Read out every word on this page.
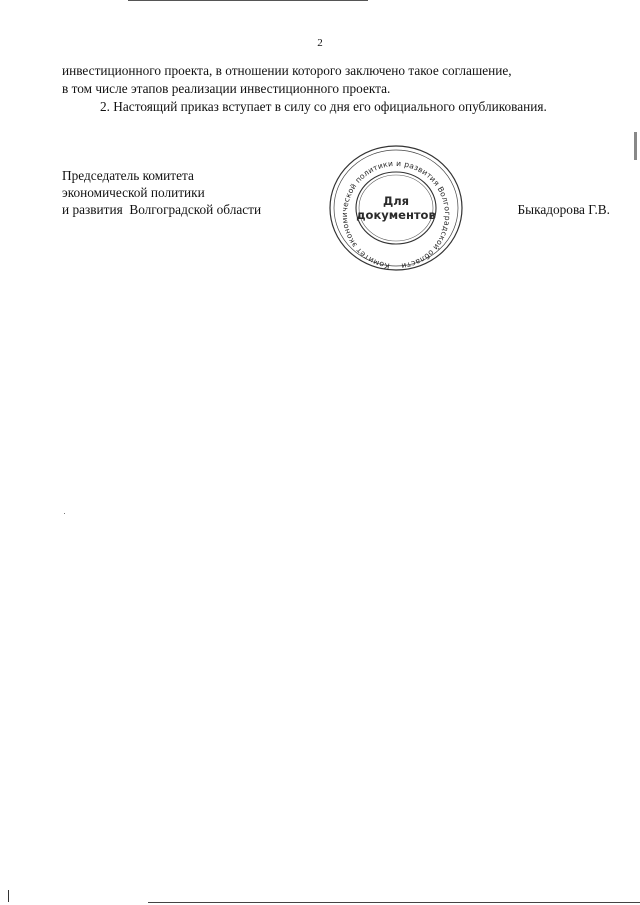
2

инвестиционного проекта, в отношении которого заключено такое соглашение,

в том числе этапов реализации инвестиционного проекта.

2. Настоящий приказ вступает в силу со дня его официального опубликования.

Председатель комитета
экономической политики
и развития  Волгоградской области
Комитет экономической политики и развития Волгоградской области
Для
документов	Быкадорова Г.В.
